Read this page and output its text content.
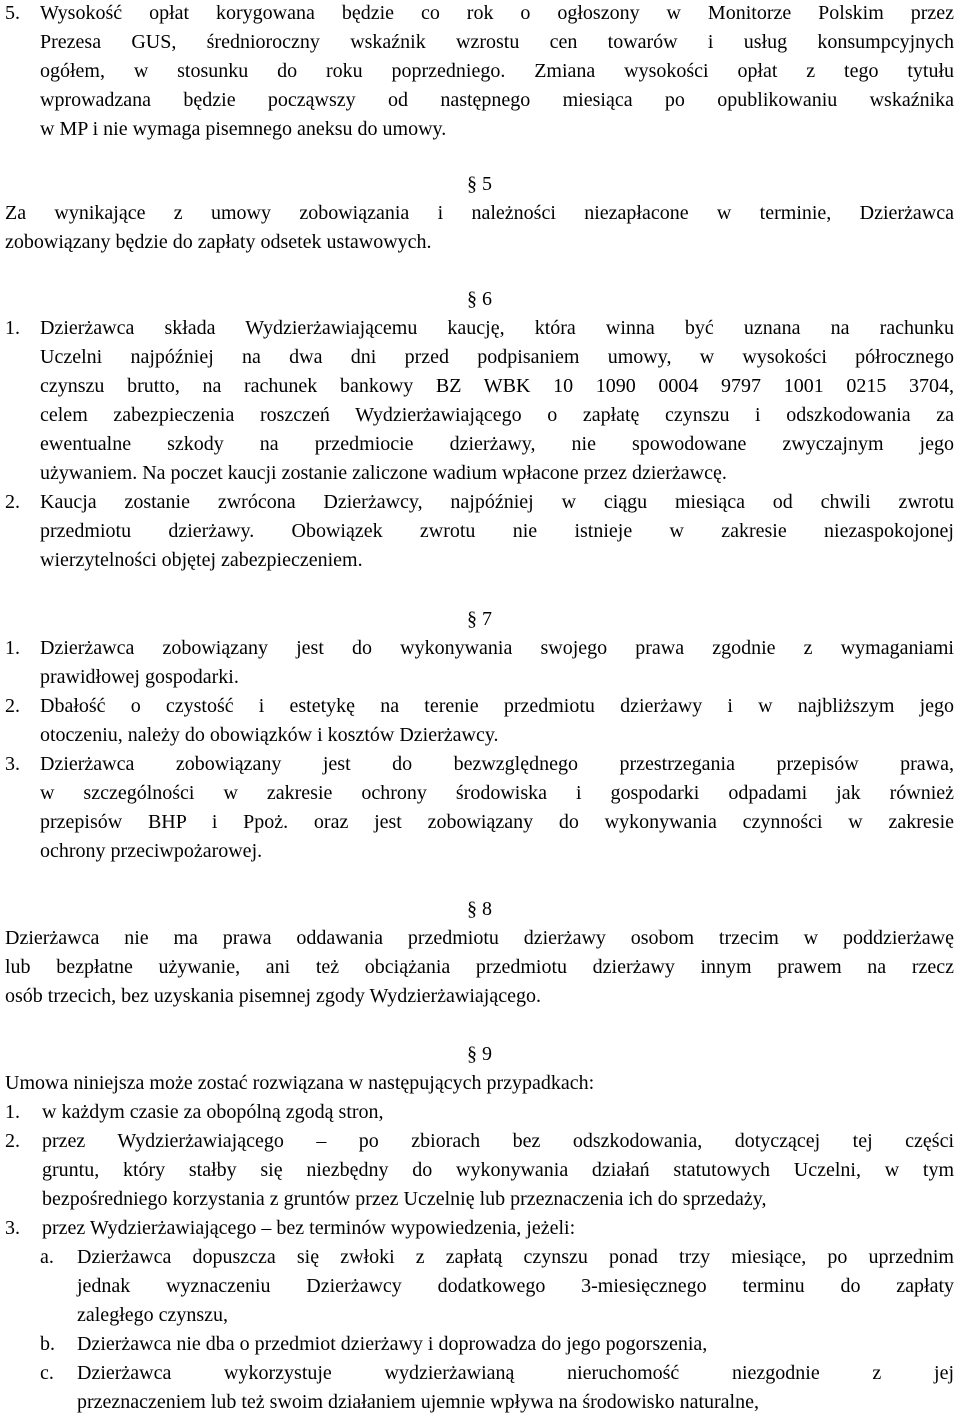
5.	Wysokość opłat korygowana będzie co rok o ogłoszony w Monitorze Polskim przez
Prezesa GUS, średnioroczny wskaźnik wzrostu cen towarów i usług konsumpcyjnych
ogółem, w stosunku do roku poprzedniego. Zmiana wysokości opłat z tego tytułu
wprowadzana będzie począwszy od następnego miesiąca po opublikowaniu wskaźnika
w MP i nie wymaga pisemnego aneksu do umowy.
§ 5
Za wynikające z umowy zobowiązania i należności niezapłacone w terminie, Dzierżawca
zobowiązany będzie do zapłaty odsetek ustawowych.
§ 6
1.	Dzierżawca składa Wydzierżawiającemu kaucję, która winna być uznana na rachunku
Uczelni najpóźniej na dwa dni przed podpisaniem umowy, w wysokości półrocznego
czynszu brutto, na rachunek bankowy BZ WBK 10 1090 0004 9797 1001 0215 3704,
celem zabezpieczenia roszczeń Wydzierżawiającego o zapłatę czynszu i odszkodowania za
ewentualne szkody na przedmiocie dzierżawy, nie spowodowane zwyczajnym jego
używaniem. Na poczet kaucji zostanie zaliczone wadium wpłacone przez dzierżawcę.
2.	Kaucja zostanie zwrócona Dzierżawcy, najpóźniej w ciągu miesiąca od chwili zwrotu
przedmiotu dzierżawy. Obowiązek zwrotu nie istnieje w zakresie niezaspokojonej
wierzytelności objętej zabezpieczeniem.
§ 7
1.	Dzierżawca zobowiązany jest do wykonywania swojego prawa zgodnie z wymaganiami
prawidłowej gospodarki.
2.	Dbałość o czystość i estetykę na terenie przedmiotu dzierżawy i w najbliższym jego
otoczeniu, należy do obowiązków i kosztów Dzierżawcy.
3.	Dzierżawca zobowiązany jest do bezwzględnego przestrzegania przepisów prawa,
w szczególności w zakresie ochrony środowiska i gospodarki odpadami jak również
przepisów BHP i Ppoż. oraz jest zobowiązany do wykonywania czynności w zakresie
ochrony przeciwpożarowej.
§ 8
Dzierżawca nie ma prawa oddawania przedmiotu dzierżawy osobom trzecim w poddzierżawę
lub bezpłatne używanie, ani też obciążania przedmiotu dzierżawy innym prawem na rzecz
osób trzecich, bez uzyskania pisemnej zgody Wydzierżawiającego.
§ 9
Umowa niniejsza może zostać rozwiązana w następujących przypadkach:
1.	w każdym czasie za obopólną zgodą stron,
2.	przez Wydzierżawiającego – po zbiorach bez odszkodowania, dotyczącej tej części
gruntu, który stałby się niezbędny do wykonywania działań statutowych Uczelni, w tym
bezpośredniego korzystania z gruntów przez Uczelnię lub przeznaczenia ich do sprzedaży,
3.	przez Wydzierżawiającego – bez terminów wypowiedzenia, jeżeli:
a.	Dzierżawca dopuszcza się zwłoki z zapłatą czynszu ponad trzy miesiące, po uprzednim
jednak wyznaczeniu Dzierżawcy dodatkowego 3-miesięcznego terminu do zapłaty
zaległego czynszu,
b.	Dzierżawca nie dba o przedmiot dzierżawy i doprowadza do jego pogorszenia,
c.	Dzierżawca wykorzystuje wydzierżawianą nieruchomość niezgodnie z jej
przeznaczeniem lub też swoim działaniem ujemnie wpływa na środowisko naturalne,
